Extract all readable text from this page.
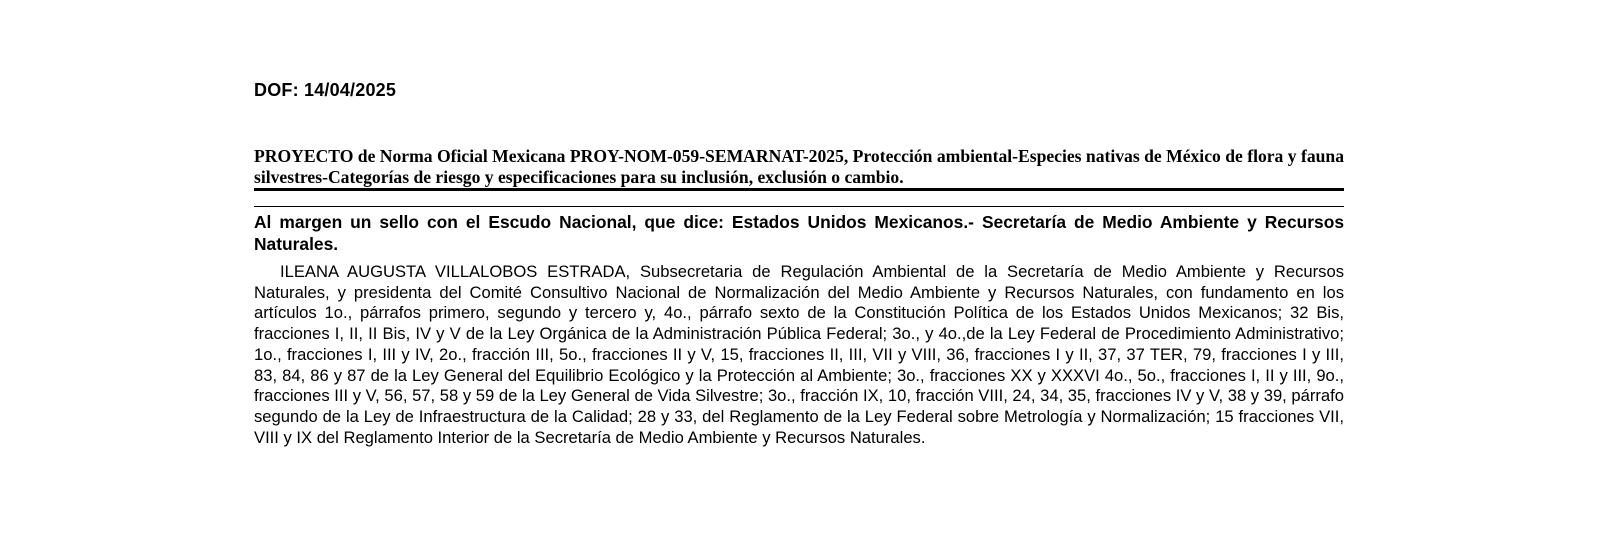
DOF: 14/04/2025
PROYECTO de Norma Oficial Mexicana PROY-NOM-059-SEMARNAT-2025, Protección ambiental-Especies nativas de México de flora y fauna silvestres-Categorías de riesgo y especificaciones para su inclusión, exclusión o cambio.
Al margen un sello con el Escudo Nacional, que dice: Estados Unidos Mexicanos.- Secretaría de Medio Ambiente y Recursos Naturales.

ILEANA AUGUSTA VILLALOBOS ESTRADA, Subsecretaria de Regulación Ambiental de la Secretaría de Medio Ambiente y Recursos Naturales, y presidenta del Comité Consultivo Nacional de Normalización del Medio Ambiente y Recursos Naturales, con fundamento en los artículos 1o., párrafos primero, segundo y tercero y, 4o., párrafo sexto de la Constitución Política de los Estados Unidos Mexicanos; 32 Bis, fracciones I, II, II Bis, IV y V de la Ley Orgánica de la Administración Pública Federal; 3o., y 4o.,de la Ley Federal de Procedimiento Administrativo; 1o., fracciones I, III y IV, 2o., fracción III, 5o., fracciones II y V, 15, fracciones II, III, VII y VIII, 36, fracciones I y II, 37, 37 TER, 79, fracciones I y III, 83, 84, 86 y 87 de la Ley General del Equilibrio Ecológico y la Protección al Ambiente; 3o., fracciones XX y XXXVI 4o., 5o., fracciones I, II y III, 9o., fracciones III y V, 56, 57, 58 y 59 de la Ley General de Vida Silvestre; 3o., fracción IX, 10, fracción VIII, 24, 34, 35, fracciones IV y V, 38 y 39, párrafo segundo de la Ley de Infraestructura de la Calidad; 28 y 33, del Reglamento de la Ley Federal sobre Metrología y Normalización; 15 fracciones VII, VIII y IX del Reglamento Interior de la Secretaría de Medio Ambiente y Recursos Naturales.
